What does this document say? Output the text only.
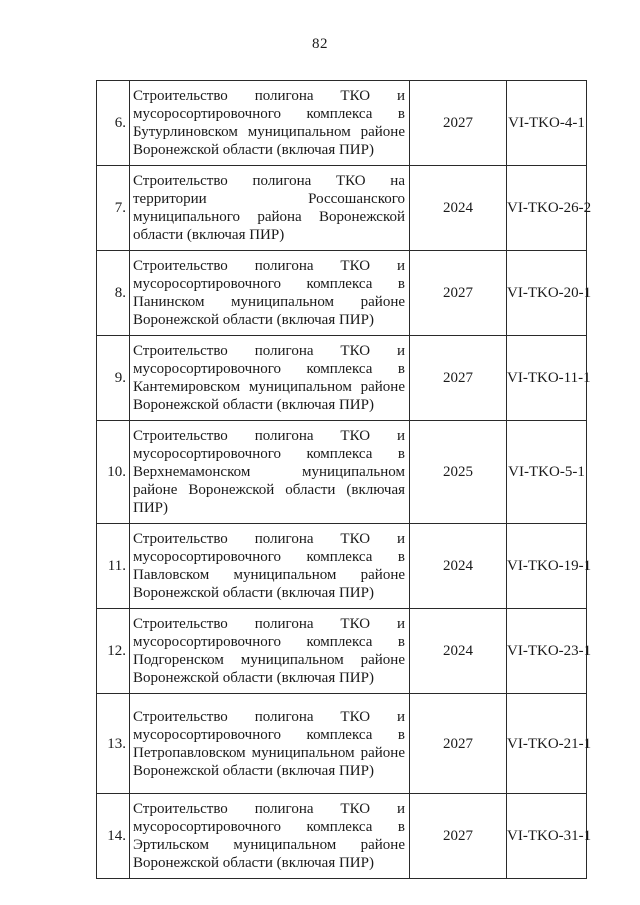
82
6.	Строительство полигона ТКО и мусоросортировочного комплекса в Бутурлиновском муниципальном районе Воронежской области (включая ПИР)	2027	VI-TKO-4-1
7.	Строительство полигона ТКО на территории Россошанского муниципального района Воронежской области (включая ПИР)	2024	VI-TKO-26-2
8.	Строительство полигона ТКО и мусоросортировочного комплекса в Панинском муниципальном районе Воронежской области (включая ПИР)	2027	VI-TKO-20-1
9.	Строительство полигона ТКО и мусоросортировочного комплекса в Кантемировском муниципальном районе Воронежской области (включая ПИР)	2027	VI-TKO-11-1
10.	Строительство полигона ТКО и мусоросортировочного комплекса в Верхнемамонском муниципальном районе Воронежской области (включая ПИР)	2025	VI-TKO-5-1
11.	Строительство полигона ТКО и мусоросортировочного комплекса в Павловском муниципальном районе Воронежской области (включая ПИР)	2024	VI-TKO-19-1
12.	Строительство полигона ТКО и мусоросортировочного комплекса в Подгоренском муниципальном районе Воронежской области (включая ПИР)	2024	VI-TKO-23-1
13.	Строительство полигона ТКО и мусоросортировочного комплекса в Петропавловском муниципальном районе Воронежской области (включая ПИР)	2027	VI-TKO-21-1
14.	Строительство полигона ТКО и мусоросортировочного комплекса в Эртильском муниципальном районе Воронежской области (включая ПИР)	2027	VI-TKO-31-1
